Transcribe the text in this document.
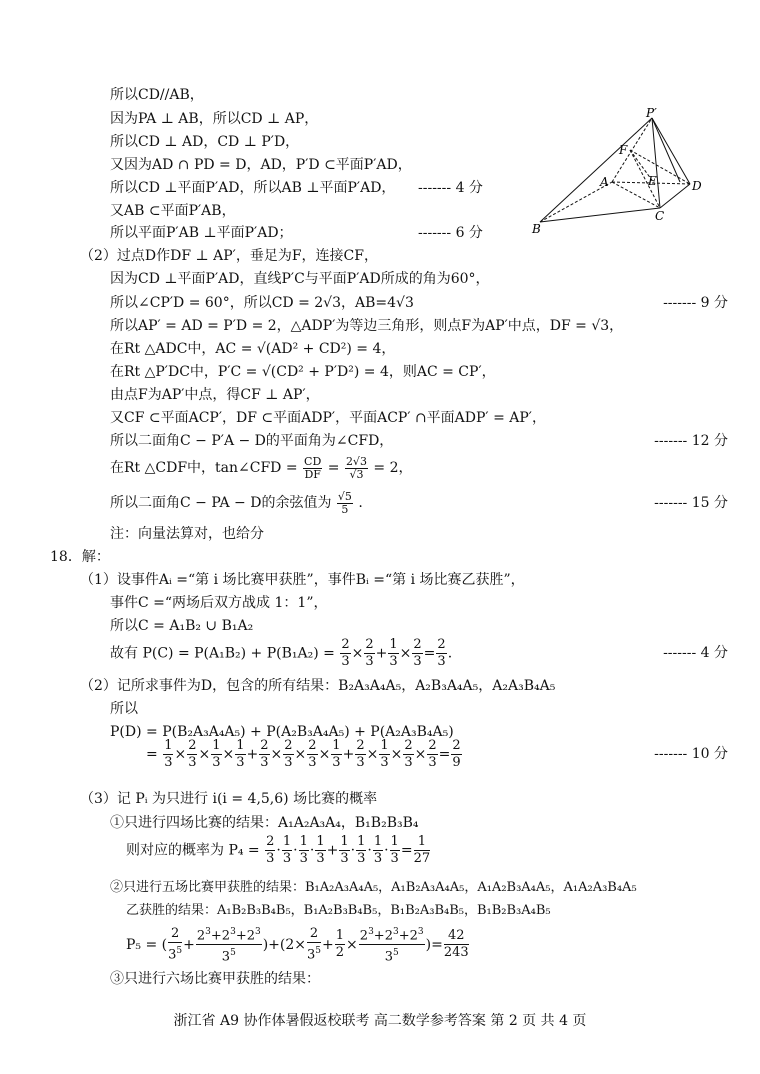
所以CD//AB，
因为PA ⊥ AB，所以CD ⊥ AP，
所以CD ⊥ AD，CD ⊥ P′D，
又因为AD ∩ PD = D，AD，P′D ⊂平面P′AD，
所以CD ⊥平面P′AD，所以AB ⊥平面P′AD， ------- 4 分
又AB ⊂平面P′AB，
所以平面P′AB ⊥平面P′AD；	------- 6 分
P′
F
A	E	D
B
C
（2）过点D作DF ⊥ AP′，垂足为F，连接CF，
因为CD ⊥平面P′AD，直线P′C与平面P′AD所成的角为60°，
所以∠CP′D = 60°，所以CD = 2√3，AB=4√3	------- 9 分
所以AP′ = AD = P′D = 2，△ADP′为等边三角形，则点F为AP′中点，DF = √3，
在Rt △ADC中，AC = √(AD² + CD²) = 4，
在Rt △P′DC中，P′C = √(CD² + P′D²) = 4，则AC = CP′，
由点F为AP′中点，得CF ⊥ AP′，
又CF ⊂平面ACP′，DF ⊂平面ADP′，平面ACP′ ∩平面ADP′ = AP′，
所以二面角C − P′A − D的平面角为∠CFD，	------- 12 分
在Rt △CDF中，tan∠CFD = $\frac{CD}{DF} = \frac{2√3}{√3} = 2$，
所以二面角C − PA − D的余弦值为 $\frac{√5}{5}$ .	------- 15 分
注：向量法算对，也给分
18．解：
（1）设事件Aᵢ =“第 i 场比赛甲获胜”，事件Bᵢ =“第 i 场比赛乙获胜”，
事件C =“两场后双方战成 1：1”，
所以C = A₁B₂ ∪ B₁A₂
故有 $P(C) = P(A_1B_2) + P(B_1A_2) = \frac{2}{3} \times \frac{2}{3} + \frac{1}{3} \times \frac{2}{3} = \frac{2}{3}$ .	------- 4 分
（2）记所求事件为D，包含的所有结果：B₂A₃A₄A₅，A₂B₃A₄A₅，A₂A₃B₄A₅
所以
P(D) = P(B₂A₃A₄A₅) + P(A₂B₃A₄A₅) + P(A₂A₃B₄A₅)
= $\frac{1}{3} \times \frac{2}{3} \times \frac{1}{3} \times \frac{1}{3} + \frac{2}{3} \times \frac{2}{3} \times \frac{2}{3} \times \frac{1}{3} + \frac{2}{3} \times \frac{1}{3} \times \frac{2}{3} \times \frac{2}{3} = \frac{2}{9}$	------- 10 分
（3）记 Pᵢ 为只进行 i(i = 4,5,6) 场比赛的概率
①只进行四场比赛的结果：A₁A₂A₃A₄，B₁B₂B₃B₄
则对应的概率为 $P_4 = \frac{2}{3} \cdot \frac{1}{3} \cdot \frac{1}{3} \cdot \frac{1}{3} + \frac{1}{3} \cdot \frac{1}{3} \cdot \frac{1}{3} \cdot \frac{1}{3} = \frac{1}{27}$
②只进行五场比赛甲获胜的结果：B₁A₂A₃A₄A₅，A₁B₂A₃A₄A₅，A₁A₂B₃A₄A₅，A₁A₂A₃B₄A₅
乙获胜的结果：A₁B₂B₃B₄B₅，B₁A₂B₃B₄B₅，B₁B₂A₃B₄B₅，B₁B₂B₃A₄B₅
P₅ = ( $\frac{2}{3^5} + \frac{2^3+2^3+2^3}{3^5} )+(2\times \frac{2}{3^5} + \frac{1}{2} \times \frac{2^3+2^3+2^3}{3^5}$ )= $\frac{42}{243}$
③只进行六场比赛甲获胜的结果：
浙江省 A9 协作体暑假返校联考 高二数学参考答案 第 2 页 共 4 页
